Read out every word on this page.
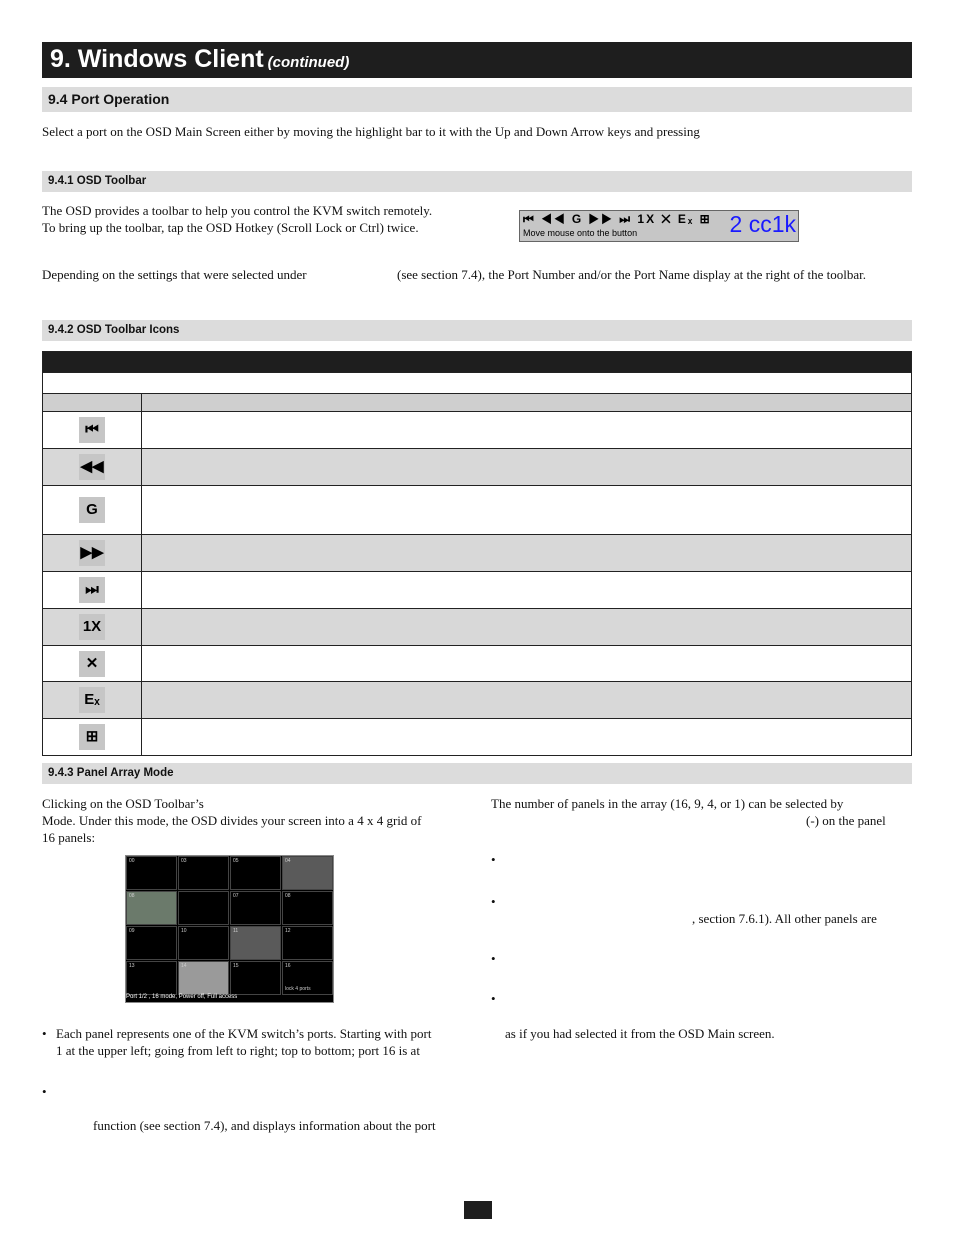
9. Windows Client (continued)
9.4 Port Operation
Select a port on the OSD Main Screen either by moving the highlight bar to it with the Up and Down Arrow keys and pressing
9.4.1 OSD Toolbar
The OSD provides a toolbar to help you control the KVM switch remotely.
To bring up the toolbar, tap the OSD Hotkey (Scroll Lock or Ctrl) twice.
⏮ ◀◀ G ▶▶ ⏭ 1X ✕ Eₓ ⊞
Move mouse onto the button	2 cc1k
Depending on the settings that were selected under	(see section 7.4), the Port Number and/or the Port Name display at the right of the toolbar.
9.4.2 OSD Toolbar Icons

⏮	
◀◀	
G	
▶▶	
⏭	
1X	
✕	
Eₓ	
⊞	
9.4.3 Panel Array Mode
Clicking on the OSD Toolbar’s
Mode. Under this mode, the OSD divides your screen into a 4 x 4 grid of
16 panels:
00	03	05	04
08	07	08
09	10	11	12
13	14	15	16
lock 4 ports
Port 1/2 , 16 mode, Power off, Full access
• Each panel represents one of the KVM switch’s ports. Starting with port
1 at the upper left; going from left to right; top to bottom; port 16 is at
•
function (see section 7.4), and displays information about the port
The number of panels in the array (16, 9, 4, or 1) can be selected by
(-) on the panel
•
•
, section 7.6.1). All other panels are
•
•
as if you had selected it from the OSD Main screen.
